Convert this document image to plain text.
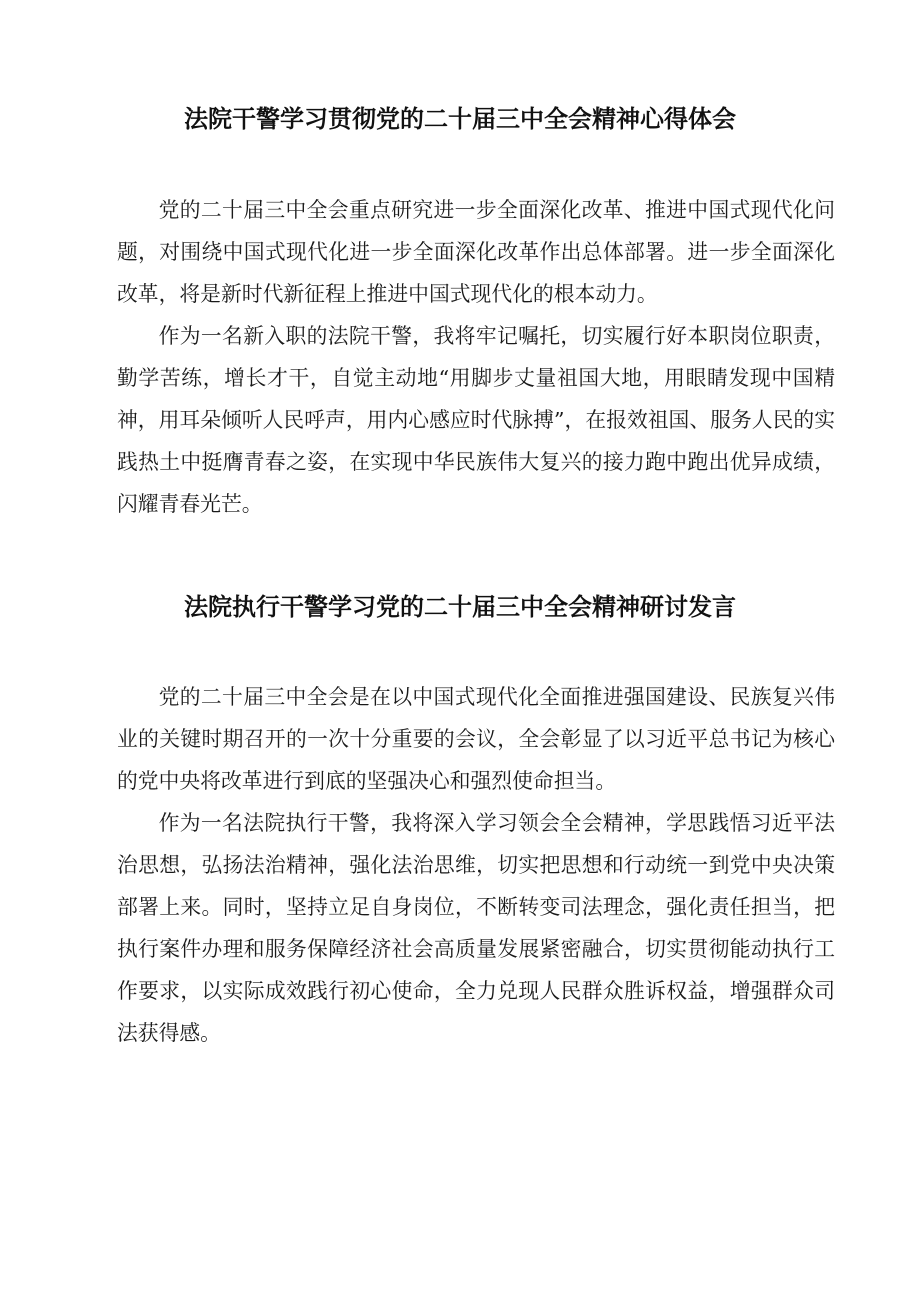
法院干警学习贯彻党的二十届三中全会精神心得体会

党的二十届三中全会重点研究进一步全面深化改革、推进中国式现代化问题，对围绕中国式现代化进一步全面深化改革作出总体部署。进一步全面深化改革，将是新时代新征程上推进中国式现代化的根本动力。

作为一名新入职的法院干警，我将牢记嘱托，切实履行好本职岗位职责，勤学苦练，增长才干，自觉主动地“用脚步丈量祖国大地，用眼睛发现中国精神，用耳朵倾听人民呼声，用内心感应时代脉搏”，在报效祖国、服务人民的实践热土中挺膺青春之姿，在实现中华民族伟大复兴的接力跑中跑出优异成绩，闪耀青春光芒。

法院执行干警学习党的二十届三中全会精神研讨发言

党的二十届三中全会是在以中国式现代化全面推进强国建设、民族复兴伟业的关键时期召开的一次十分重要的会议，全会彰显了以习近平总书记为核心的党中央将改革进行到底的坚强决心和强烈使命担当。

作为一名法院执行干警，我将深入学习领会全会精神，学思践悟习近平法治思想，弘扬法治精神，强化法治思维，切实把思想和行动统一到党中央决策部署上来。同时，坚持立足自身岗位，不断转变司法理念，强化责任担当，把执行案件办理和服务保障经济社会高质量发展紧密融合，切实贯彻能动执行工作要求，以实际成效践行初心使命，全力兑现人民群众胜诉权益，增强群众司法获得感。
